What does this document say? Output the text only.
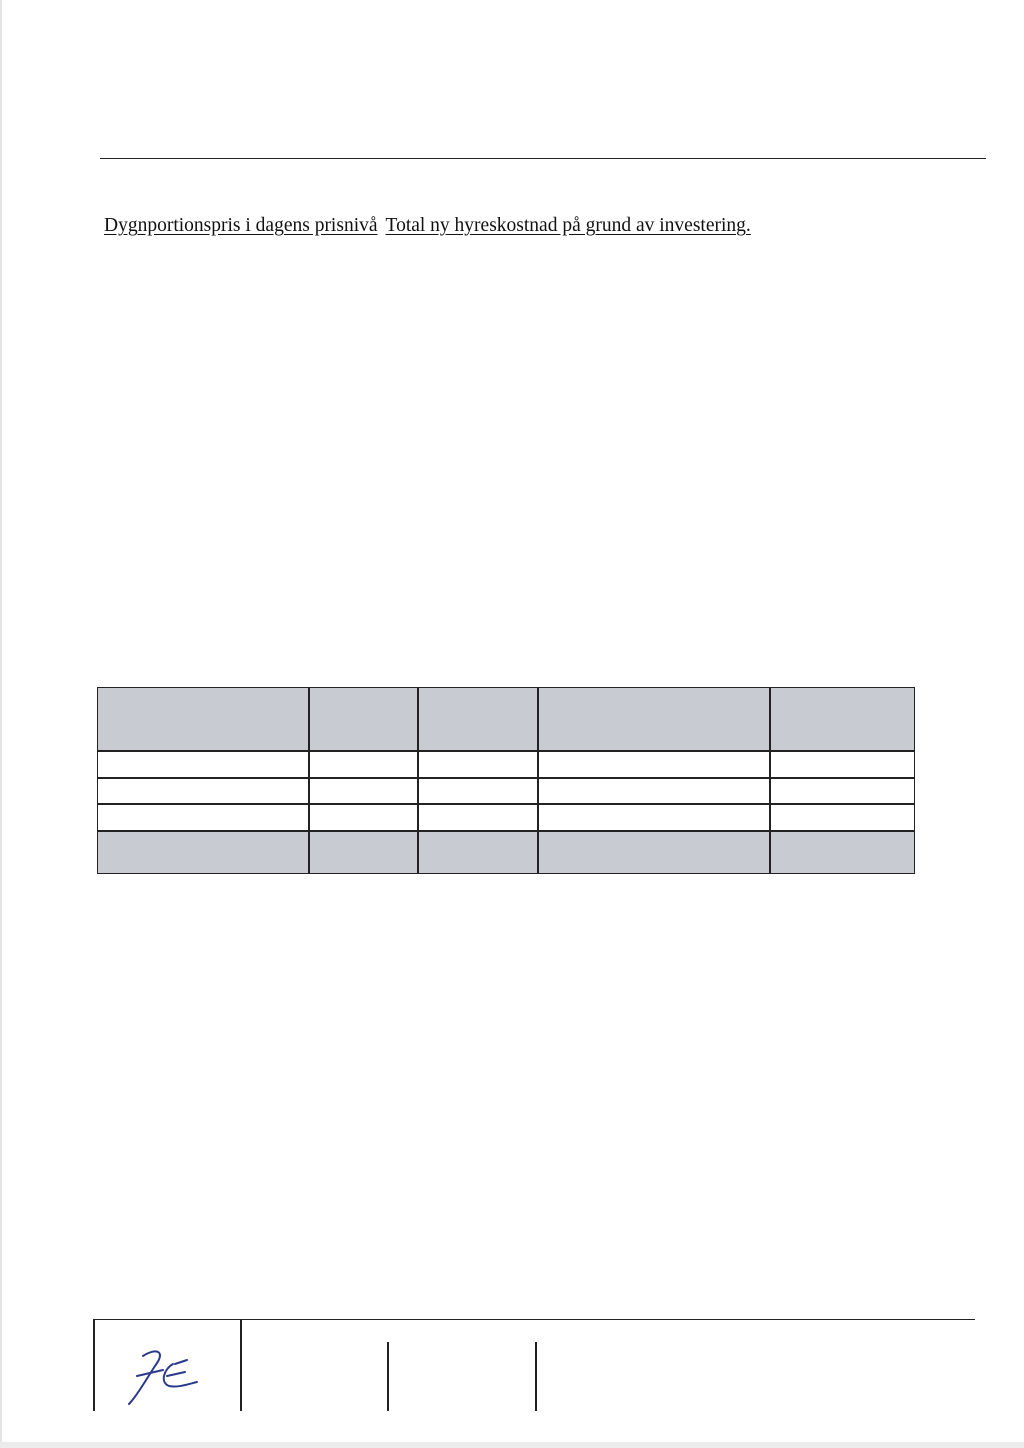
Dygnportionspris i dagens prisnivå Total ny hyreskostnad på grund av investering.
